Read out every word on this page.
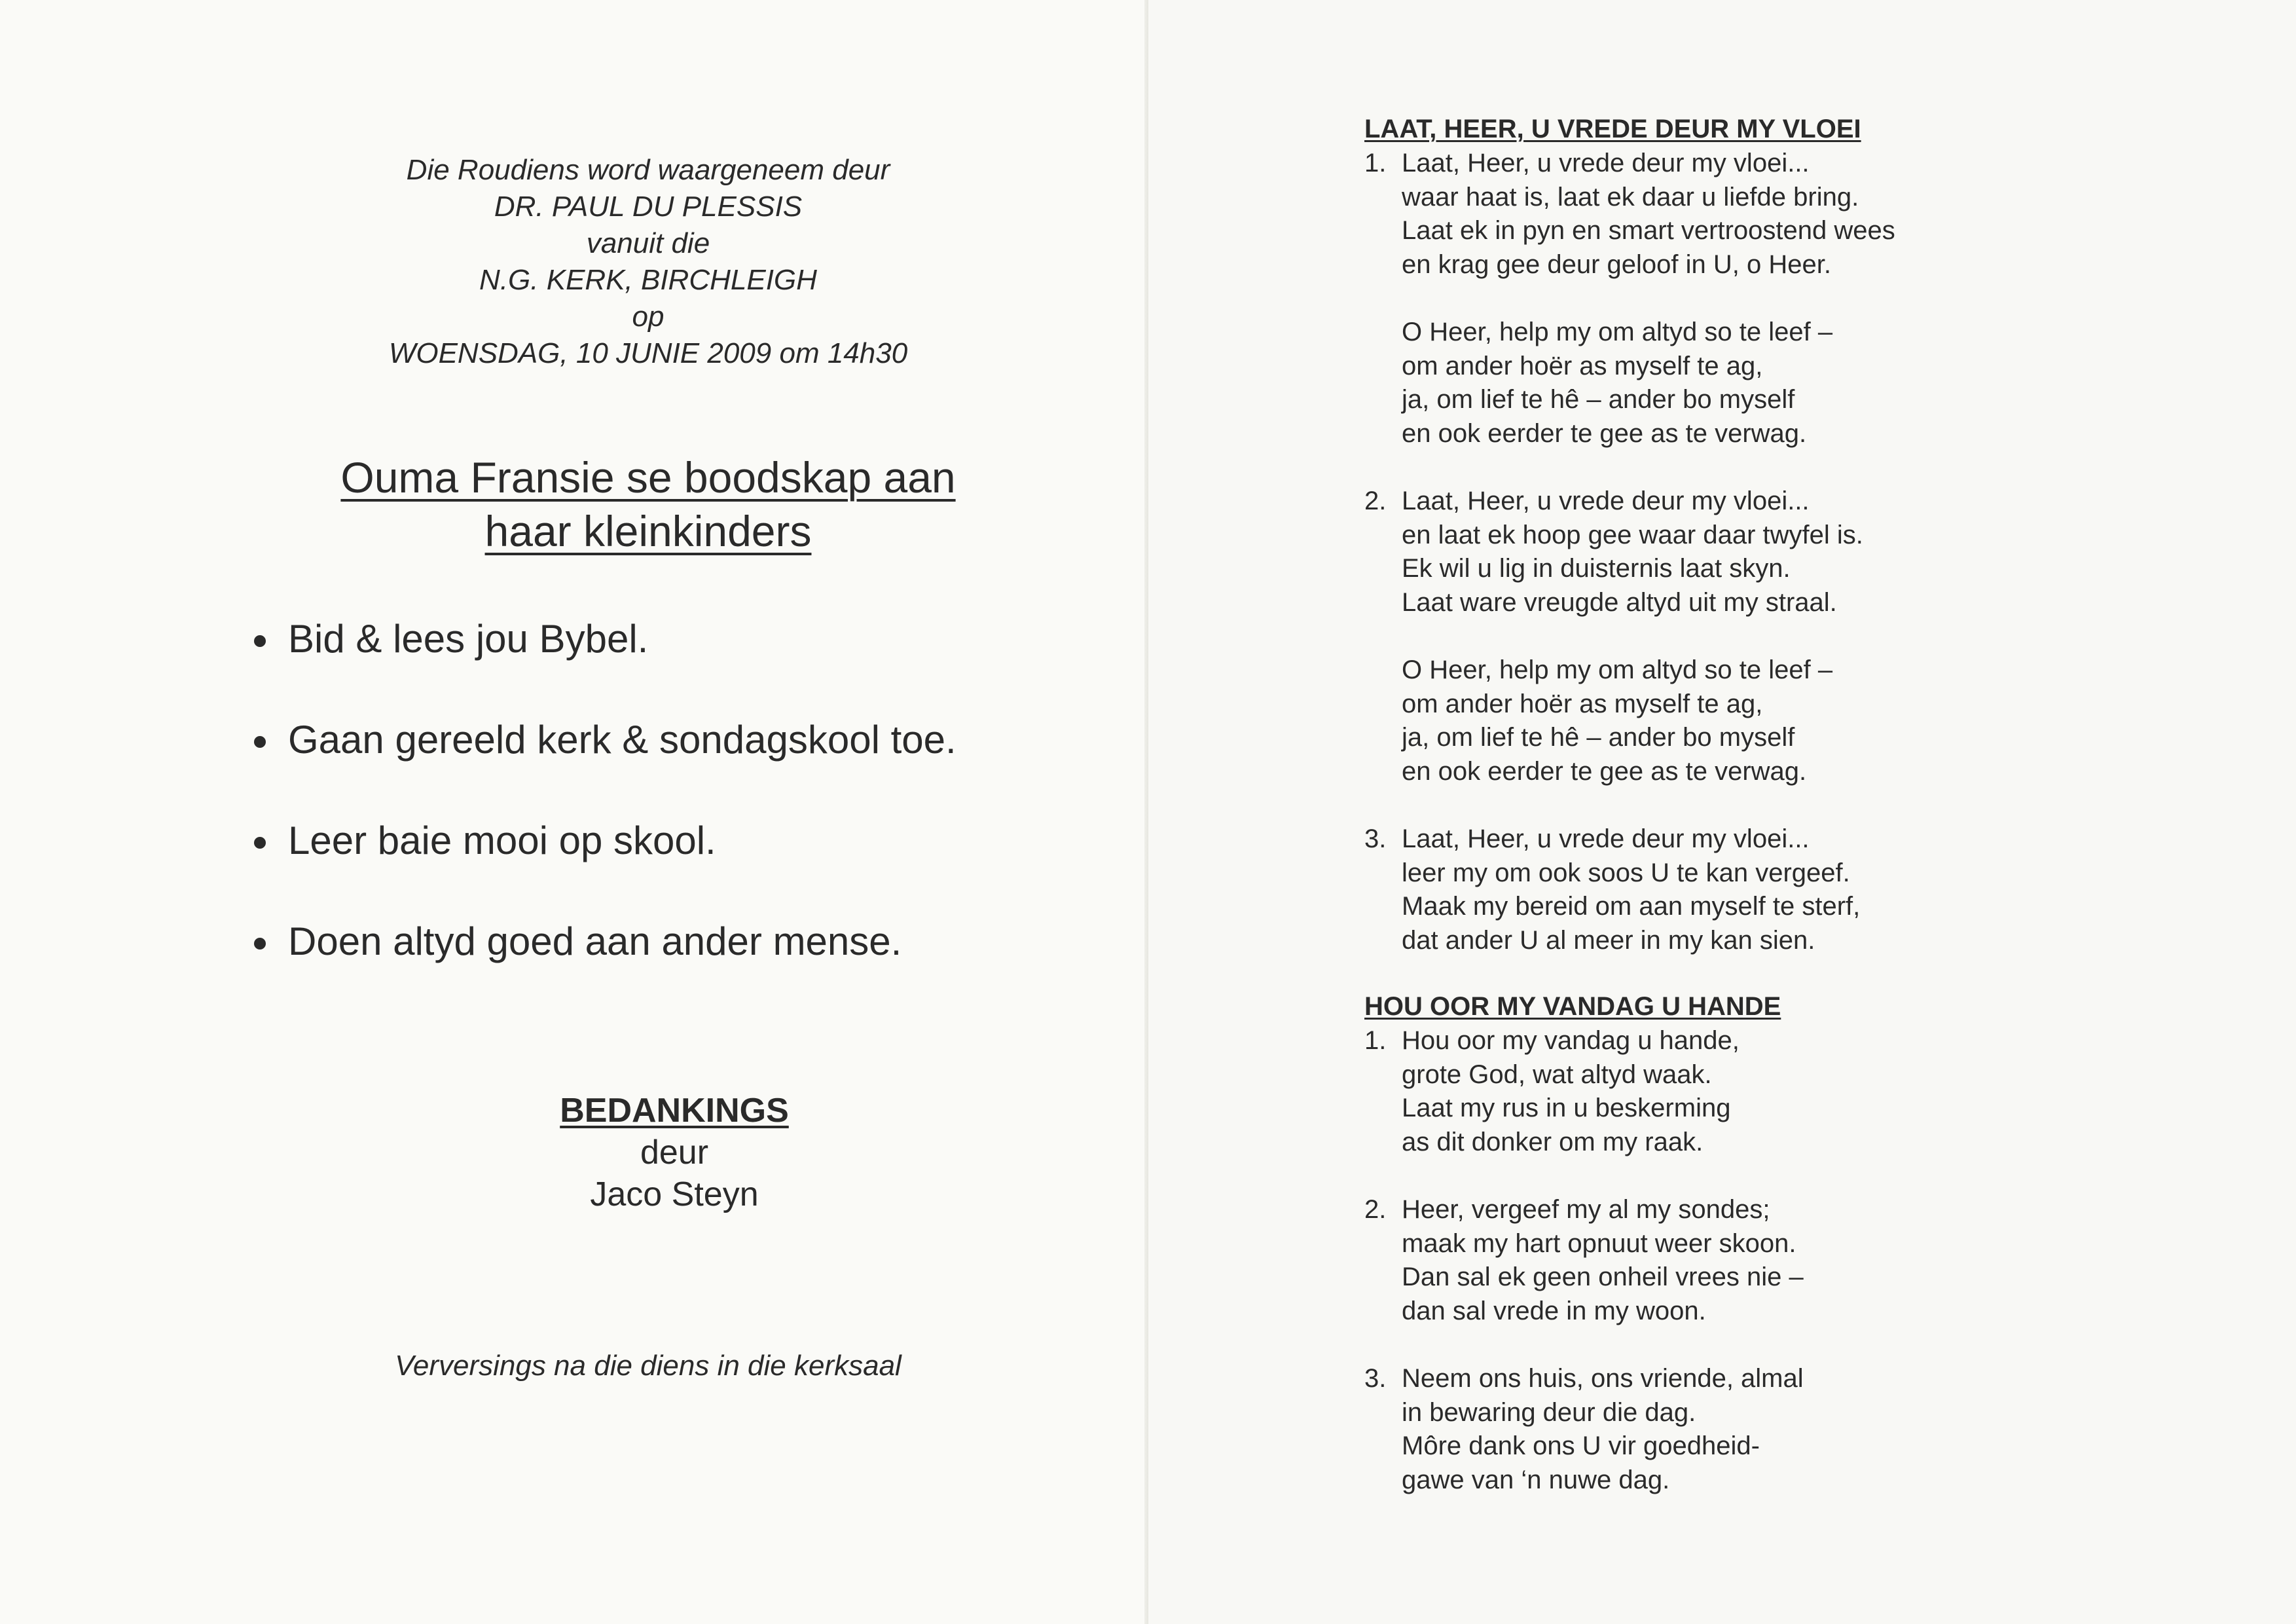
Die Roudiens word waargeneem deur
DR. PAUL DU PLESSIS
vanuit die
N.G. KERK, BIRCHLEIGH
op
WOENSDAG, 10 JUNIE 2009 om 14h30
Ouma Fransie se boodskap aan
haar kleinkinders
Bid & lees jou Bybel.
Gaan gereeld kerk & sondagskool toe.
Leer baie mooi op skool.
Doen altyd goed aan ander mense.
BEDANKINGS
deur
Jaco Steyn
Verversings na die diens in die kerksaal
LAAT, HEER, U VREDE DEUR MY VLOEI
1. Laat, Heer, u vrede deur my vloei...
waar haat is, laat ek daar u liefde bring.
Laat ek in pyn en smart vertroostend wees
en krag gee deur geloof in U, o Heer.
O Heer, help my om altyd so te leef –
om ander hoër as myself te ag,
ja, om lief te hê – ander bo myself
en ook eerder te gee as te verwag.
2. Laat, Heer, u vrede deur my vloei...
en laat ek hoop gee waar daar twyfel is.
Ek wil u lig in duisternis laat skyn.
Laat ware vreugde altyd uit my straal.
O Heer, help my om altyd so te leef –
om ander hoër as myself te ag,
ja, om lief te hê – ander bo myself
en ook eerder te gee as te verwag.
3. Laat, Heer, u vrede deur my vloei...
leer my om ook soos U te kan vergeef.
Maak my bereid om aan myself te sterf,
dat ander U al meer in my kan sien.
HOU OOR MY VANDAG U HANDE
1. Hou oor my vandag u hande,
grote God, wat altyd waak.
Laat my rus in u beskerming
as dit donker om my raak.
2. Heer, vergeef my al my sondes;
maak my hart opnuut weer skoon.
Dan sal ek geen onheil vrees nie –
dan sal vrede in my woon.
3. Neem ons huis, ons vriende, almal
in bewaring deur die dag.
Môre dank ons U vir goedheid-
gawe van ‘n nuwe dag.
